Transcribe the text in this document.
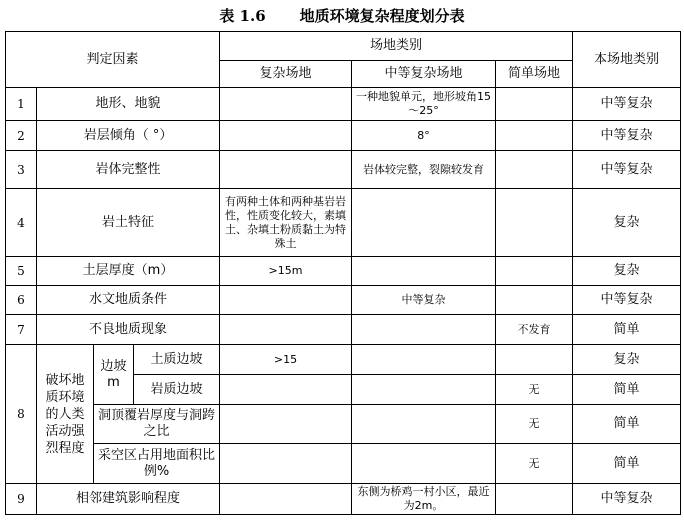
表 1.6 地质环境复杂程度划分表
判定因素				场地类别			本场地类别
				复杂场地	中等复杂场地	简单场地	
1	地形、地貌				一种地貌单元，地形坡角15～25°		中等复杂
2	岩层倾角（ °）				8°		中等复杂
3	岩体完整性				岩体较完整，裂隙较发育		中等复杂
4	岩土特征			有两种土体和两种基岩岩性，性质变化较大，素填土、杂填土粉质黏土为特殊土			复杂
5	土层厚度（m）			>15m			复杂
6	水文地质条件				中等复杂		中等复杂
7	不良地质现象					不发育	简单
8	破坏地质环境的人类活动强烈程度	边坡m	土质边坡	>15			复杂
			岩质边坡			无	简单
		洞顶覆岩厚度与洞跨之比				无	简单
		采空区占用地面积比例%				无	简单
9	相邻建筑影响程度				东侧为桥鸡一村小区，最近为2m。		中等复杂
